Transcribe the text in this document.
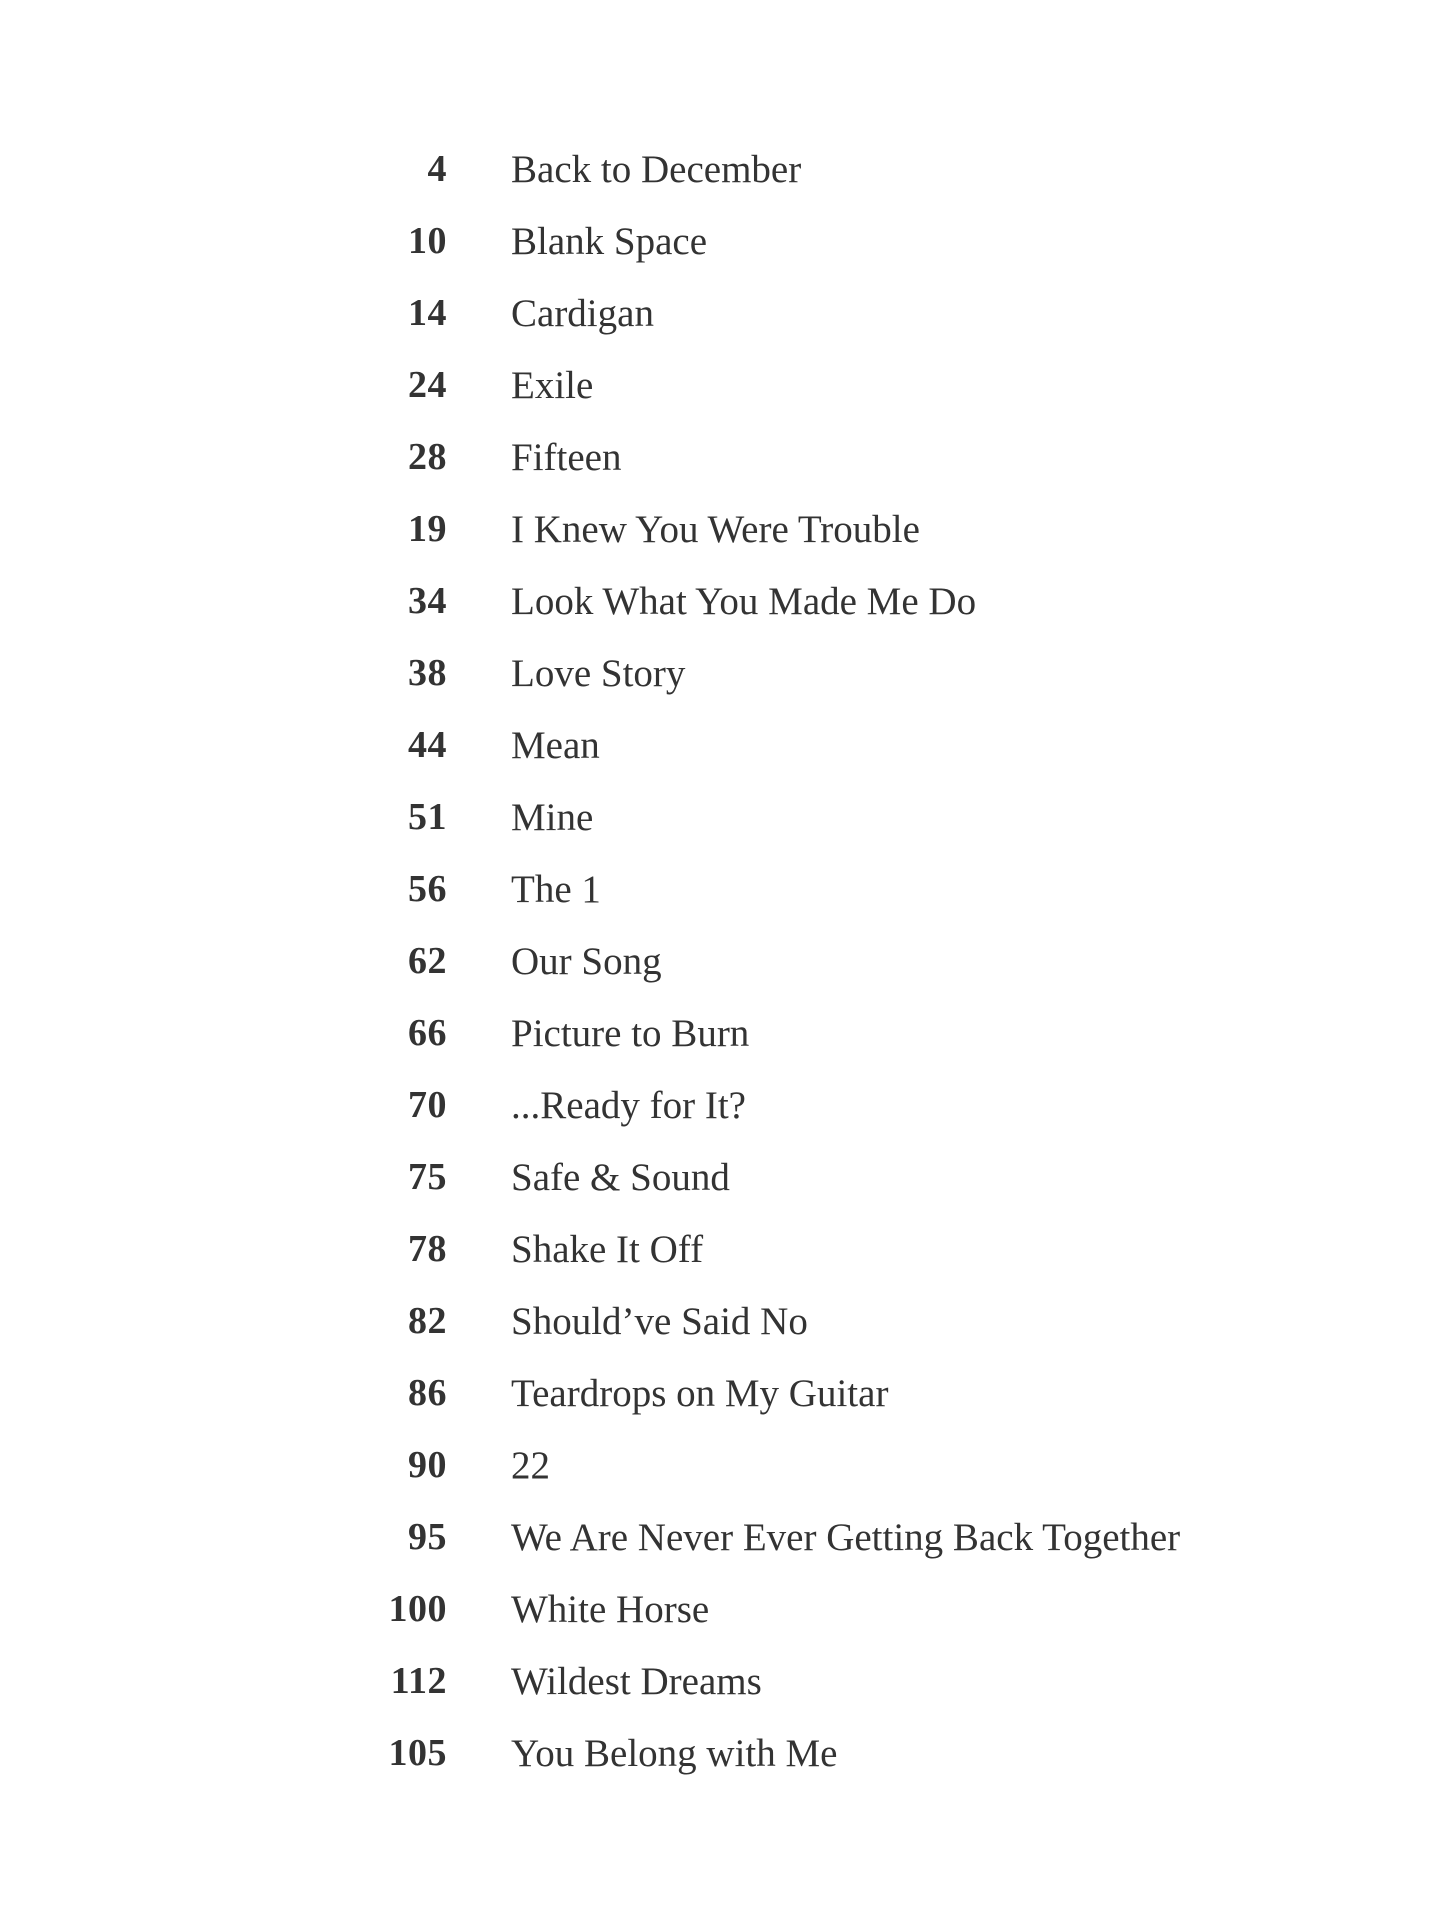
4 Back to December
10 Blank Space
14 Cardigan
24 Exile
28 Fifteen
19 I Knew You Were Trouble
34 Look What You Made Me Do
38 Love Story
44 Mean
51 Mine
56 The 1
62 Our Song
66 Picture to Burn
70 ...Ready for It?
75 Safe & Sound
78 Shake It Off
82 Should’ve Said No
86 Teardrops on My Guitar
90 22
95 We Are Never Ever Getting Back Together
100 White Horse
112 Wildest Dreams
105 You Belong with Me
